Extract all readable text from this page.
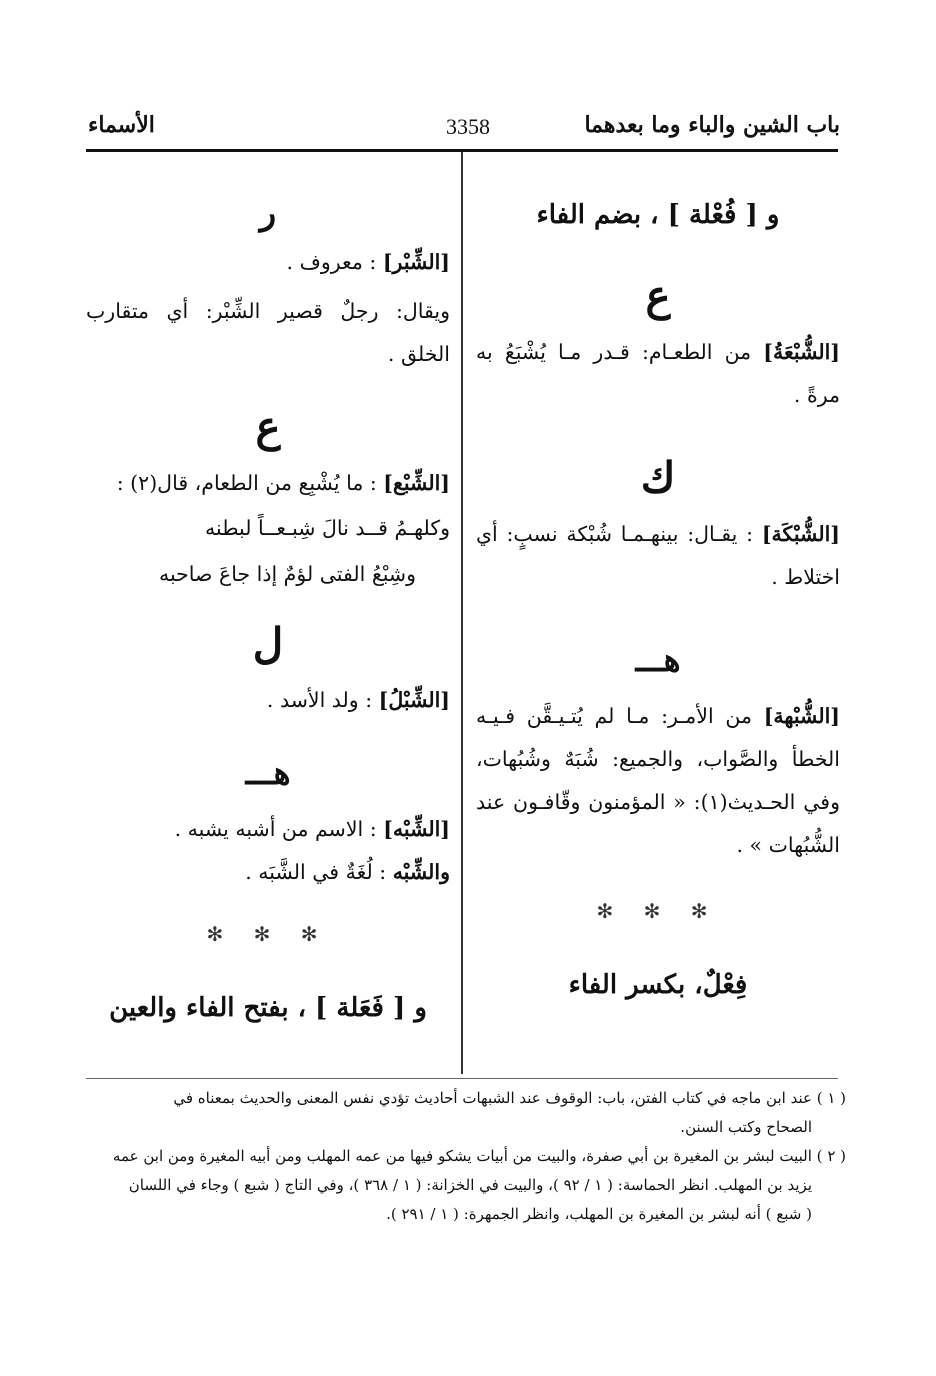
باب الشين والباء وما بعدهما
3358
الأسماء
و [ فُعْلة ] ، بضم الفاء
ع
[الشُّبْعَةُ] من الطعـام: قـدر مـا يُشْبَعُ به مرةً .
ك
[الشُّبْكَة] : يقـال: بينهـمـا شُبْكة نسبٍ: أي اختلاط .
هـــ
[الشُّبْهة] من الأمـر: مـا لم يُتـيـقَّن فـيـه الخطأ والصَّواب، والجميع: شُبَهٌ وشُبُهات، وفي الحـديث(١): « المؤمنون وقّافـون عند الشُّبُهات » .
✻ ✻ ✻
فِعْلٌ، بكسر الفاء
ر
[الشِّبْر] : معروف .
ويقال: رجلٌ قصير الشِّبْر: أي متقارب الخلق .
ع
[الشِّبْع] : ما يُشْبِع من الطعام، قال(٢) :
وكلهـمُ قــد نالَ شِبـعــاً لبطنه
وشِبْعُ الفتى لؤمٌ إذا جاعَ صاحبه
ل
[الشِّبْلُ] : ولد الأسد .
هـــ
[الشِّبْه] : الاسم من أشبه يشبه .
والشِّبْه : لُغَةٌ في الشَّبَه .
✻ ✻ ✻
و [ فَعَلة ] ، بفتح الفاء والعين

( ١ ) عند ابن ماجه في كتاب الفتن، باب: الوقوف عند الشبهات أحاديث تؤدي نفس المعنى والحديث بمعناه في

الصحاح وكتب السنن.

( ٢ ) البيت لبشر بن المغيرة بن أبي صفرة، والبيت من أبيات يشكو فيها من عمه المهلب ومن أبيه المغيرة ومن ابن عمه

يزيد بن المهلب. انظر الحماسة: ( ١ / ٩٢ )، والبيت في الخزانة: ( ١ / ٣٦٨ )، وفي التاج ( شبع ) وجاء في اللسان

( شبع ) أنه لبشر بن المغيرة بن المهلب، وانظر الجمهرة: ( ١ / ٢٩١ ).
